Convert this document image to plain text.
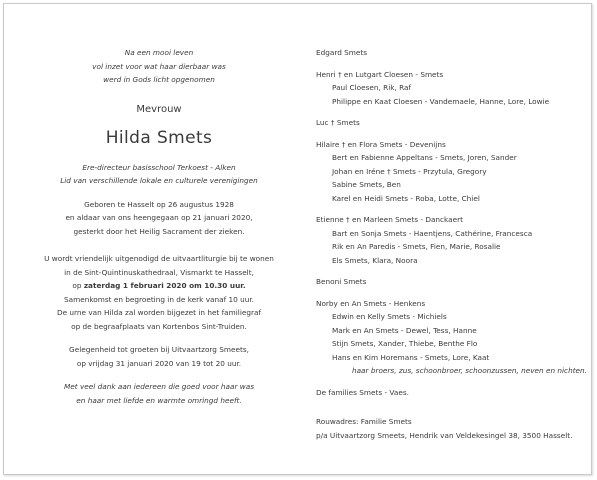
Na een mooi leven
vol inzet voor wat haar dierbaar was
werd in Gods licht opgenomen
Mevrouw
Hilda Smets
Ere-directeur basisschool Terkoest - Alken
Lid van verschillende lokale en culturele verenigingen
Geboren te Hasselt op 26 augustus 1928
en aldaar van ons heengegaan op 21 januari 2020,
gesterkt door het Heilig Sacrament der zieken.
U wordt vriendelijk uitgenodigd de uitvaartliturgie bij te wonen
in de Sint-Quintinuskathedraal, Vismarkt te Hasselt,
op zaterdag 1 februari 2020 om 10.30 uur.
Samenkomst en begroeting in de kerk vanaf 10 uur.
De urne van Hilda zal worden bijgezet in het familiegraf
op de begraafplaats van Kortenbos Sint-Truiden.
Gelegenheid tot groeten bij Uitvaartzorg Smeets,
op vrijdag 31 januari 2020 van 19 tot 20 uur.
Met veel dank aan iedereen die goed voor haar was
en haar met liefde en warmte omringd heeft.
Edgard Smets
Henri † en Lutgart Cloesen - Smets
Paul Cloesen, Rik, Raf
Philippe en Kaat Cloesen - Vandemaele, Hanne, Lore, Lowie
Luc † Smets
Hilaire † en Flora Smets - Devenijns
Bert en Fabienne Appeltans - Smets, Joren, Sander
Johan en Iréne † Smets - Przytula, Gregory
Sabine Smets, Ben
Karel en Heidi Smets - Roba, Lotte, Chiel
Etienne † en Marleen Smets - Danckaert
Bart en Sonja Smets - Haentjens, Cathérine, Francesca
Rik en An Paredis - Smets, Fien, Marie, Rosalie
Els Smets, Klara, Noora
Benoni Smets
Norby en An Smets - Henkens
Edwin en Kelly Smets - Michiels
Mark en An Smets - Dewel, Tess, Hanne
Stijn Smets, Xander, Thiebe, Benthe Flo
Hans en Kim Horemans - Smets, Lore, Kaat
haar broers, zus, schoonbroer, schoonzussen, neven en nichten.
De families Smets - Vaes.
Rouwadres: Familie Smets
p/a Uitvaartzorg Smeets, Hendrik van Veldekesingel 38, 3500 Hasselt.
